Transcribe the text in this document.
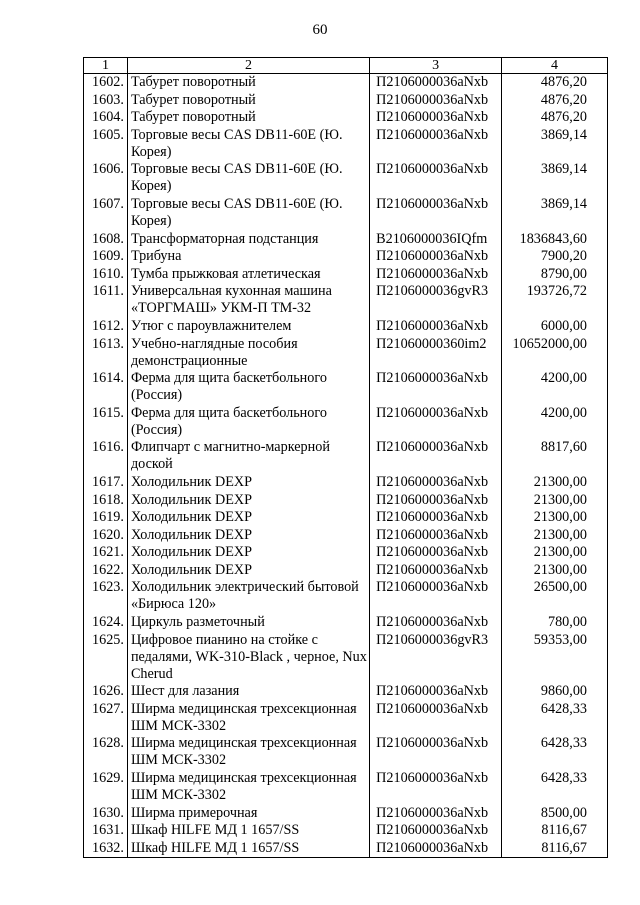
60
1	2	3	4
1602.	Табурет поворотный	П2106000036aNxb	4876,20
1603.	Табурет поворотный	П2106000036aNxb	4876,20
1604.	Табурет поворотный	П2106000036aNxb	4876,20
1605.	Торговые весы CAS DB11-60E (Ю. Корея)	П2106000036aNxb	3869,14
1606.	Торговые весы CAS DB11-60E (Ю. Корея)	П2106000036aNxb	3869,14
1607.	Торговые весы CAS DB11-60E (Ю. Корея)	П2106000036aNxb	3869,14
1608.	Трансформаторная подстанция	В2106000036IQfm	1836843,60
1609.	Трибуна	П2106000036aNxb	7900,20
1610.	Тумба прыжковая атлетическая	П2106000036aNxb	8790,00
1611.	Универсальная кухонная машина «ТОРГМАШ» УКМ-П ТМ-32	П2106000036gvR3	193726,72
1612.	Утюг с пароувлажнителем	П2106000036aNxb	6000,00
1613.	Учебно-наглядные пособия демонстрационные	П21060000360im2	10652000,00
1614.	Ферма для щита баскетбольного (Россия)	П2106000036aNxb	4200,00
1615.	Ферма для щита баскетбольного (Россия)	П2106000036aNxb	4200,00
1616.	Флипчарт с магнитно-маркерной доской	П2106000036aNxb	8817,60
1617.	Холодильник DEXP	П2106000036aNxb	21300,00
1618.	Холодильник DEXP	П2106000036aNxb	21300,00
1619.	Холодильник DEXP	П2106000036aNxb	21300,00
1620.	Холодильник DEXP	П2106000036aNxb	21300,00
1621.	Холодильник DEXP	П2106000036aNxb	21300,00
1622.	Холодильник DEXP	П2106000036aNxb	21300,00
1623.	Холодильник электрический бытовой «Бирюса 120»	П2106000036aNxb	26500,00
1624.	Циркуль разметочный	П2106000036aNxb	780,00
1625.	Цифровое пианино на стойке с педалями, WK-310-Black , черное, Nux Cherud	П2106000036gvR3	59353,00
1626.	Шест для лазания	П2106000036aNxb	9860,00
1627.	Ширма медицинская трехсекционная ШМ МСК-3302	П2106000036aNxb	6428,33
1628.	Ширма медицинская трехсекционная ШМ МСК-3302	П2106000036aNxb	6428,33
1629.	Ширма медицинская трехсекционная ШМ МСК-3302	П2106000036aNxb	6428,33
1630.	Ширма примерочная	П2106000036aNxb	8500,00
1631.	Шкаф HILFE МД 1 1657/SS	П2106000036aNxb	8116,67
1632.	Шкаф HILFE МД 1 1657/SS	П2106000036aNxb	8116,67
